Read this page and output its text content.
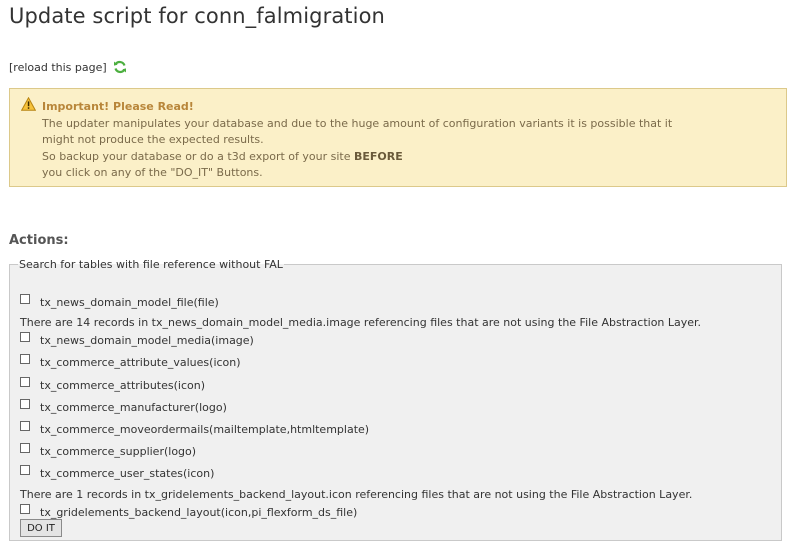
Update script for conn_falmigration
[reload this page]
Important! Please Read!
The updater manipulates your database and due to the huge amount of configuration variants it is possible that it
might not produce the expected results.
So backup your database or do a t3d export of your site BEFORE
you click on any of the "DO_IT" Buttons.
Actions:
Search for tables with file reference without FAL
tx_news_domain_model_file(file)
There are 14 records in tx_news_domain_model_media.image referencing files that are not using the File Abstraction Layer.
tx_news_domain_model_media(image)
tx_commerce_attribute_values(icon)
tx_commerce_attributes(icon)
tx_commerce_manufacturer(logo)
tx_commerce_moveordermails(mailtemplate,htmltemplate)
tx_commerce_supplier(logo)
tx_commerce_user_states(icon)
There are 1 records in tx_gridelements_backend_layout.icon referencing files that are not using the File Abstraction Layer.
tx_gridelements_backend_layout(icon,pi_flexform_ds_file)
DO IT
